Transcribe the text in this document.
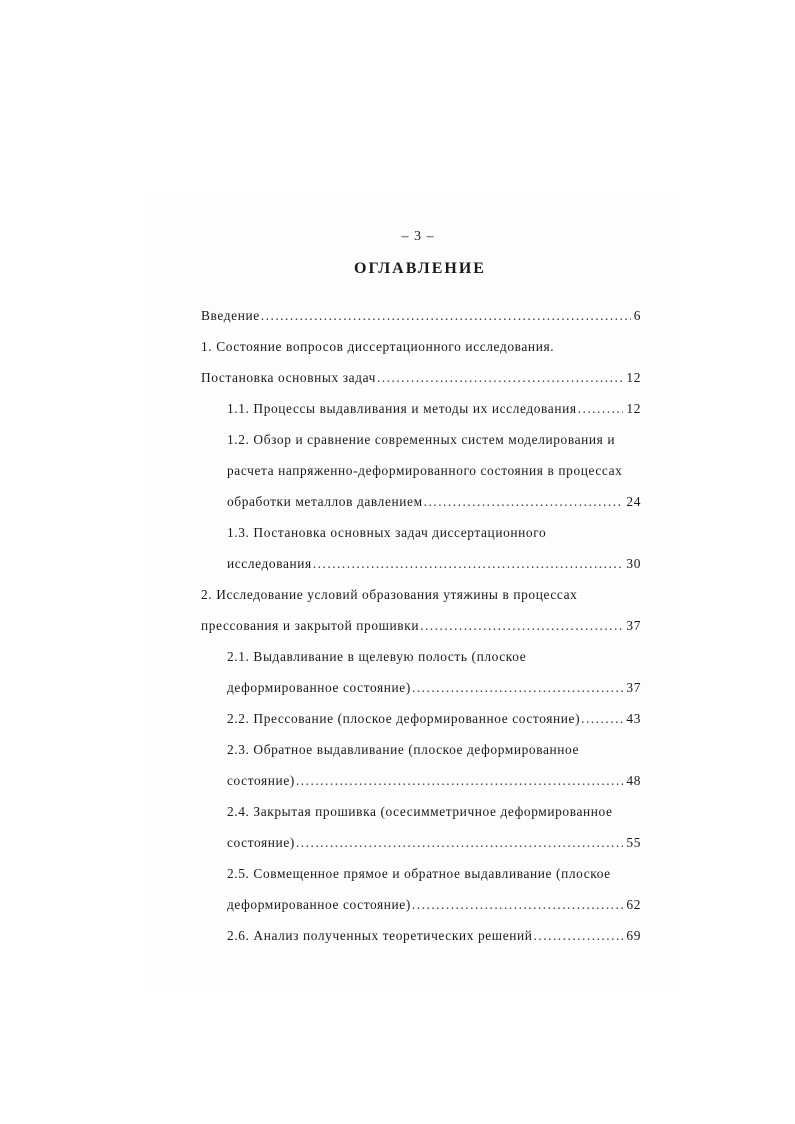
– 3 –
ОГЛАВЛЕНИЕ
Введение .....	6
1. Состояние вопросов диссертационного исследования.
Постановка основных задач .....	12
1.1. Процессы выдавливания и методы их исследования .....	12
1.2. Обзор и сравнение современных систем моделирования и
расчета напряженно-деформированного состояния в процессах
обработки металлов давлением .....	24
1.3. Постановка основных задач диссертационного
исследования .....	30
2. Исследование условий образования утяжины в процессах
прессования и закрытой прошивки .....	37
2.1. Выдавливание в щелевую полость (плоское
деформированное состояние) .....	37
2.2. Прессование (плоское деформированное состояние) .....	43
2.3. Обратное выдавливание (плоское деформированное
состояние) .....	48
2.4. Закрытая прошивка (осесимметричное деформированное
состояние) .....	55
2.5. Совмещенное прямое и обратное выдавливание (плоское
деформированное состояние) .....	62
2.6. Анализ полученных теоретических решений .....	69
